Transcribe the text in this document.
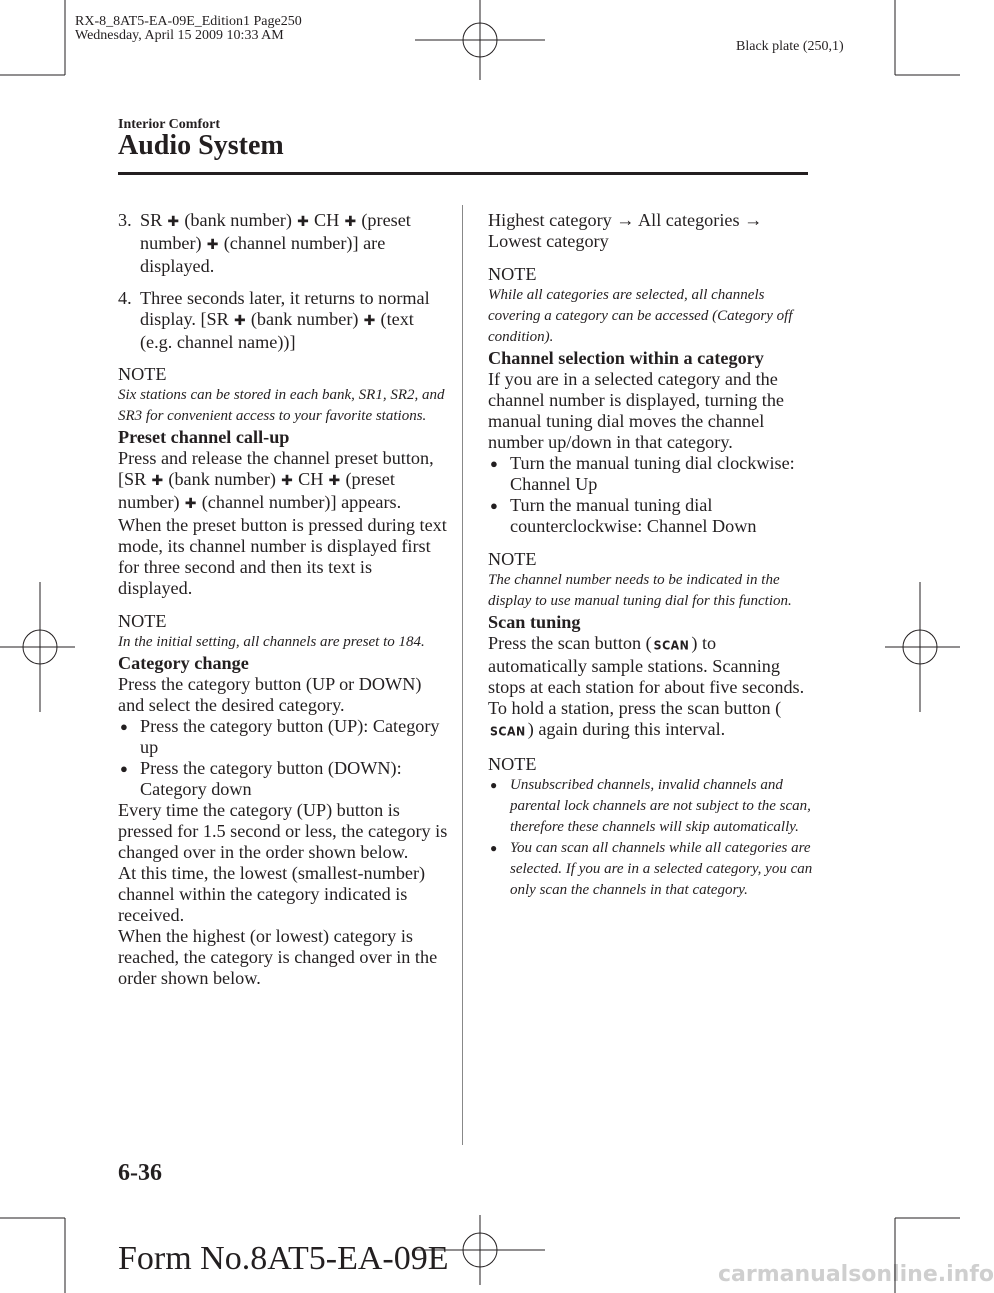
RX-8_8AT5-EA-09E_Edition1 Page250
Wednesday, April 15 2009 10:33 AM
Black plate (250,1)
Interior Comfort
Audio System
3. SR ✚ (bank number) ✚ CH ✚ (preset number) ✚ (channel number)] are displayed.
4. Three seconds later, it returns to normal display. [SR ✚ (bank number) ✚ (text (e.g. channel name))]

NOTE

Six stations can be stored in each bank, SR1, SR2, and SR3 for convenient access to your favorite stations.

Preset channel call-up

Press and release the channel preset button,

[SR ✚ (bank number) ✚ CH ✚ (preset number) ✚ (channel number)] appears.

When the preset button is pressed during text mode, its channel number is displayed first for three second and then its text is displayed.

NOTE

In the initial setting, all channels are preset to 184.

Category change

Press the category button (UP or DOWN) and select the desired category.

● Press the category button (UP): Category up
● Press the category button (DOWN): Category down

Every time the category (UP) button is pressed for 1.5 second or less, the category is changed over in the order shown below.

At this time, the lowest (smallest-number) channel within the category indicated is received.

When the highest (or lowest) category is reached, the category is changed over in the order shown below.

Highest category → All categories → Lowest category

NOTE

While all categories are selected, all channels covering a category can be accessed (Category off condition).

Channel selection within a category

If you are in a selected category and the channel number is displayed, turning the manual tuning dial moves the channel number up/down in that category.

● Turn the manual tuning dial clockwise: Channel Up
● Turn the manual tuning dial counterclockwise: Channel Down

NOTE

The channel number needs to be indicated in the display to use manual tuning dial for this function.

Scan tuning

Press the scan button ( SCAN ) to automatically sample stations. Scanning stops at each station for about five seconds. To hold a station, press the scan button (SCAN ) again during this interval.

NOTE

● Unsubscribed channels, invalid channels and parental lock channels are not subject to the scan, therefore these channels will skip automatically.
● You can scan all channels while all categories are selected. If you are in a selected category, you can only scan the channels in that category.
6-36
Form No.8AT5-EA-09E	carmanualsonline.info
